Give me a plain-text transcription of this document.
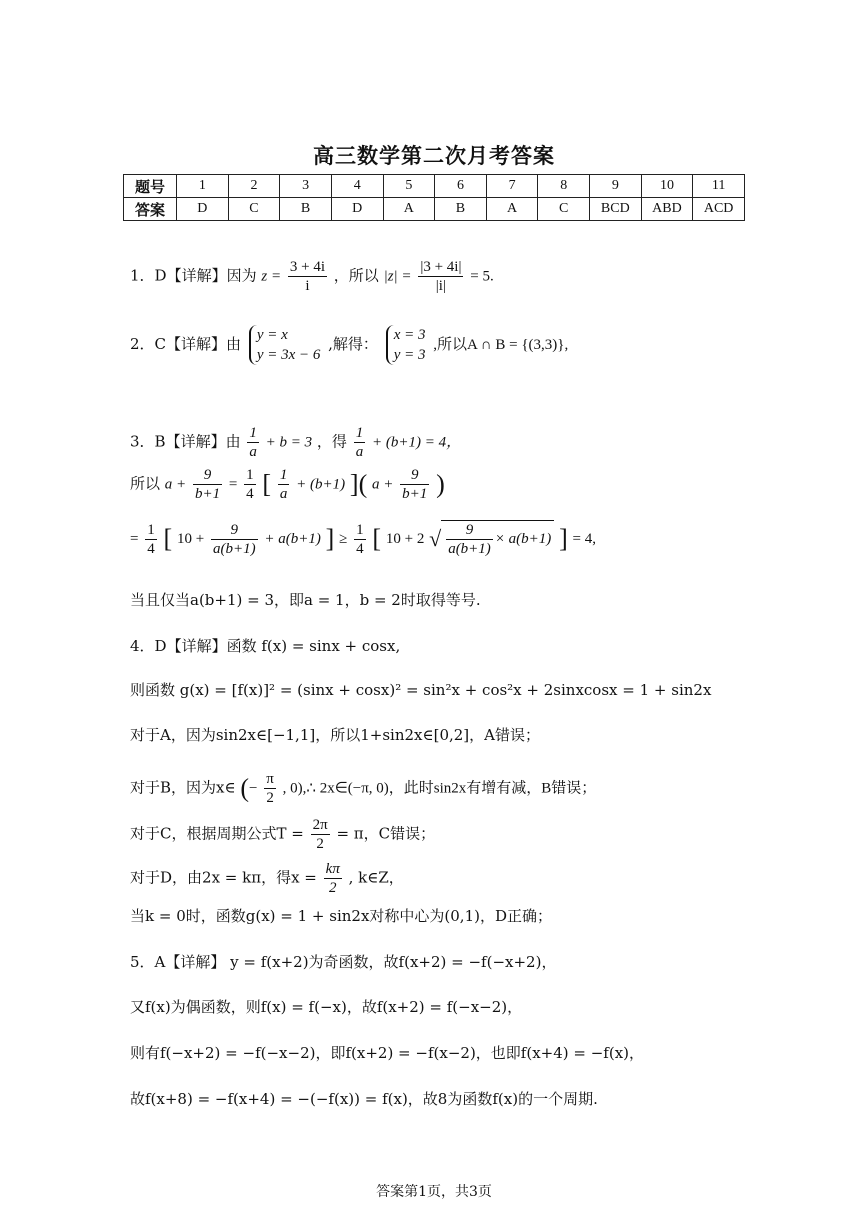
高三数学第二次月考答案
题号	1	2	3	4	5	6	7	8	9	10	11
答案	D	C	B	D	A	B	A	C	BCD	ABD	ACD
1．D【详解】因为 $z = \frac{3 + 4i}{i}$ ，所以 $|z| = \frac{|3 + 4i|}{|i|} = 5$.
2．C【详解】由 y = x
y = 3x − 6
,解得： x = 3
y = 3
,所以A ∩ B = {(3,3)},
3．B【详解】由 $\frac{1}{a} + b = 3$ ，得 $\frac{1}{a} + (b+1) = 4$，
所以 $a + \frac{9}{b+1} = \frac{1}{4}$ [ $\frac{1}{a} + (b+1)$ ]( $a + \frac{9}{b+1}$ )
= $\frac{1}{4}$ [ $10 + \frac{9}{a(b+1)} + a(b+1)$ ] ≥ $\frac{1}{4}$ [ 10 + 2 √ $\frac{9}{a(b+1)} \times a(b+1)$ ] = 4,
当且仅当a(b+1) = 3，即a = 1，b = 2时取得等号.
4．D【详解】函数 f(x) = sinx + cosx,
则函数 g(x) = [f(x)]² = (sinx + cosx)² = sin²x + cos²x + 2sinxcosx = 1 + sin2x
对于A，因为sin2x∈[−1,1]，所以1+sin2x∈[0,2]，A错误；
对于B，因为x∈ (− $\frac{\pi}{2}$ , 0),∴ 2x∈(−π, 0)，此时sin2x有增有减，B错误；
对于C，根据周期公式$T = \frac{2\pi}{2} = \pi$，C错误；
对于D，由2x = kπ，得$x = \frac{k\pi}{2}$ , k∈Z，
当k = 0时，函数g(x) = 1 + sin2x对称中心为(0,1)，D正确；
5．A【详解】 y = f(x+2)为奇函数，故f(x+2) = −f(−x+2)，
又f(x)为偶函数，则f(x) = f(−x)，故f(x+2) = f(−x−2)，
则有f(−x+2) = −f(−x−2)，即f(x+2) = −f(x−2)，也即f(x+4) = −f(x)，
故f(x+8) = −f(x+4) = −(−f(x)) = f(x)，故8为函数f(x)的一个周期.
答案第1页，共3页
